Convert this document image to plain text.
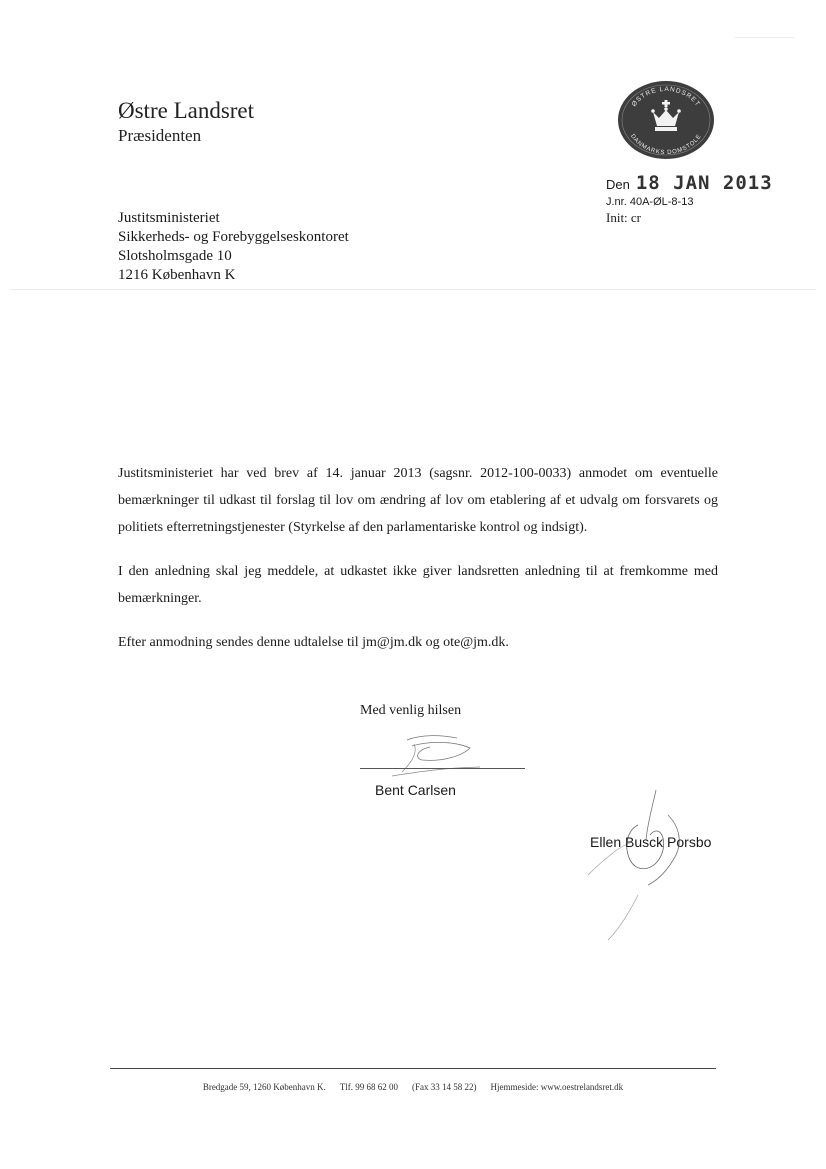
Østre Landsret
Præsidenten
ØSTRE LANDSRET
DANMARKS DOMSTOLE
Den 18 JAN 2013
J.nr. 40A-ØL-8-13
Init: cr
Justitsministeriet
Sikkerheds- og Forebyggelseskontoret
Slotsholmsgade 10
1216 København K

Justitsministeriet har ved brev af 14. januar 2013 (sagsnr. 2012-100-0033) anmodet om eventuelle bemærkninger til udkast til forslag til lov om ændring af lov om etablering af et udvalg om forsvarets og politiets efterretningstjenester (Styrkelse af den parlamentariske kontrol og indsigt).

I den anledning skal jeg meddele, at udkastet ikke giver landsretten anledning til at fremkomme med bemærkninger.

Efter anmodning sendes denne udtalelse til jm@jm.dk og ote@jm.dk.

Med venlig hilsen
Bent Carlsen
Ellen Busck Porsbo
Bredgade 59, 1260 København K. Tlf. 99 68 62 00 (Fax 33 14 58 22) Hjemmeside: www.oestrelandsret.dk
